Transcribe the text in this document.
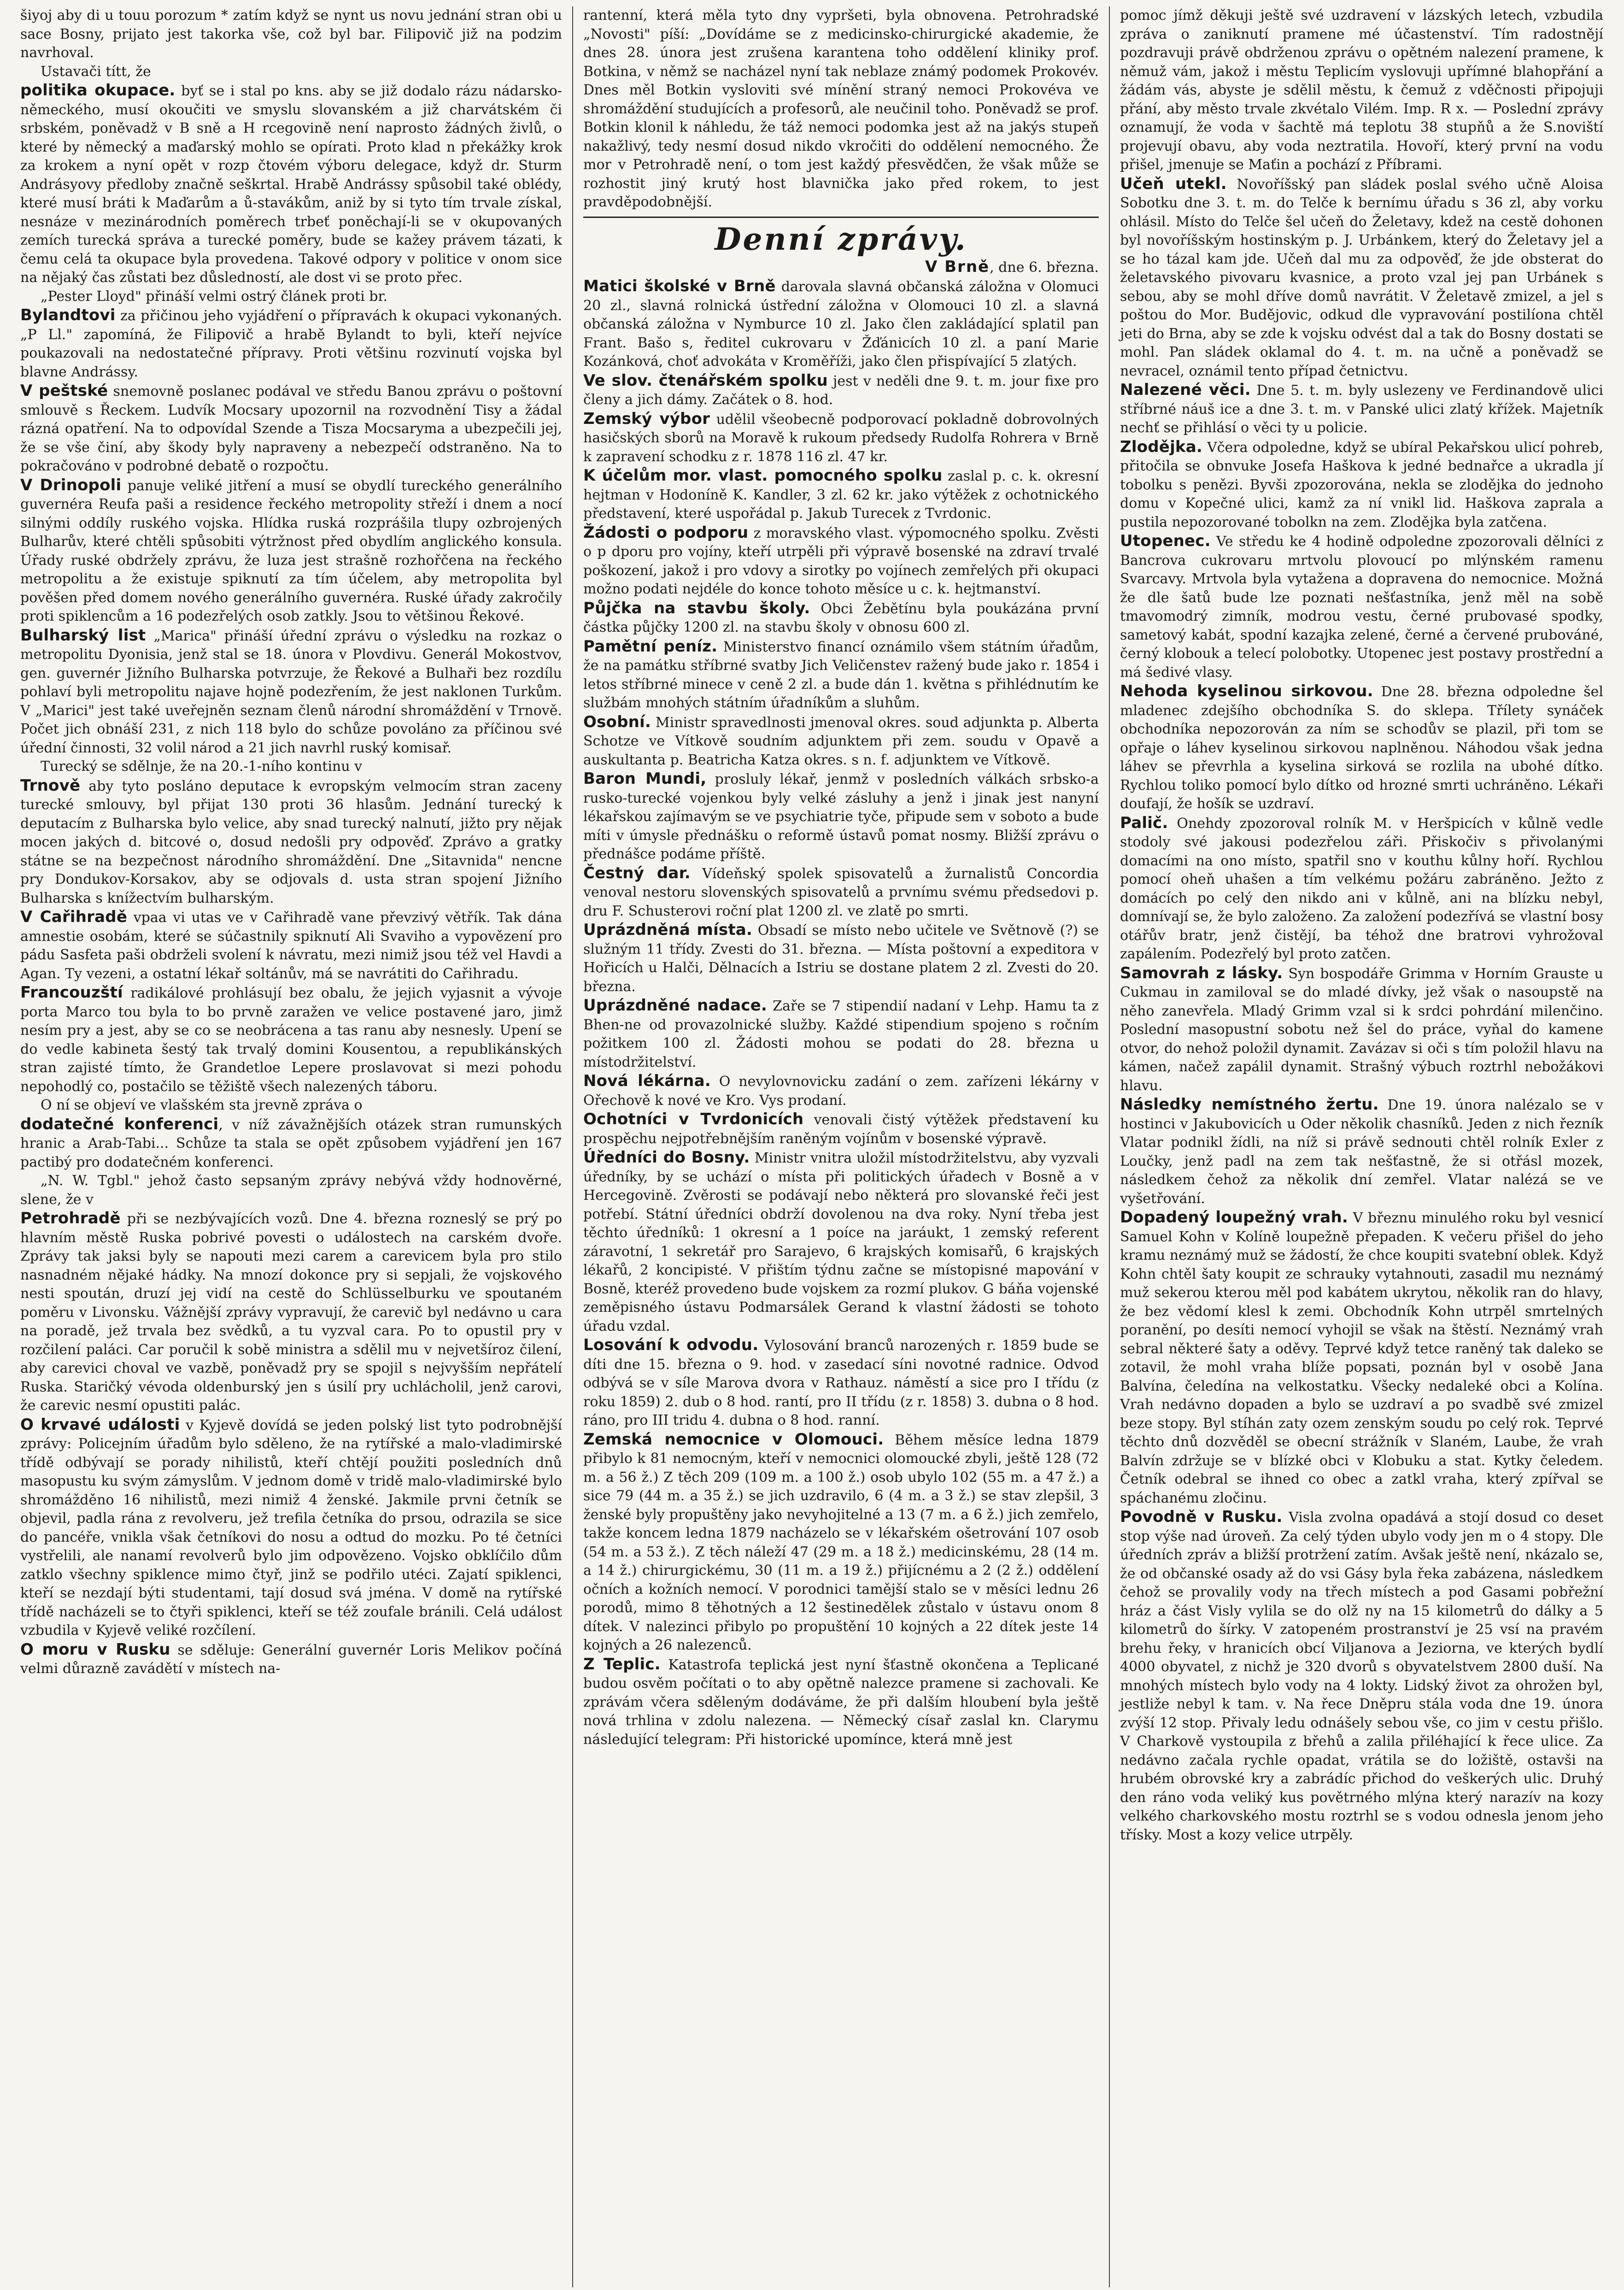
šiyoj aby di u touu porozum * zatím když se nynt us novu jednání stran obi u sace Bosny, prijato jest takorka vše, což byl bar. Filipovič již na podzim navrhoval.

Ustavači títt, že

politika okupace. byť se i stal po kns. aby se již dodalo rázu nádarsko-německého, musí okoučiti ve smyslu slovanském a již charvátském či srbském, poněvadž v B sně a H rcegovině není naprosto žádných živlů, o které by německý a maďarský mohlo se opírati. Proto klad n překážky krok za krokem a nyní opět v rozp čtovém výboru delegace, když dr. Sturm Andrásyovy předloby značně seškrtal. Hrabě Andrássy spůsobil také oblédy, které musí bráti k Maďarům a ů-stavákům, aniž by si tyto tím trvale získal, nesnáze v mezinárodních poměrech trbeť poněchají-li se v okupovaných zemích turecká správa a turecké poměry, bude se kažey právem tázati, k čemu celá ta okupace byla provedena. Takové odpory v politice v onom sice na nějaký čas zůstati bez důsledností, ale dost vi se proto přec.

„Pester Lloyd" přináší velmi ostrý článek proti br.

Bylandtovi za přičinou jeho vyjádření o přípravách k okupaci vykonaných. „P Ll." zapomíná, že Filipovič a hrabě Bylandt to byli, kteří nejvíce poukazovali na nedostatečné přípravy. Proti většinu rozvinutí vojska byl blavne Andrássy.

V peštské snemovně poslanec podával ve středu Banou zprávu o poštovní smlouvě s Řeckem. Ludvík Mocsary upozornil na rozvodnění Tisy a žádal rázná opatření. Na to odpovídal Szende a Tisza Mocsaryma a ubezpečili jej, že se vše činí, aby škody byly napraveny a nebezpečí odstraněno. Na to pokračováno v podrobné debatě o rozpočtu.

V Drinopoli panuje veliké jitření a musí se obydlí tureckého generálního guvernéra Reufa paši a residence řeckého metropolity střeží i dnem a nocí silnými oddíly ruského vojska. Hlídka ruská rozprášila tlupy ozbrojených Bulharův, které chtěli spůsobiti výtržnost před obydlím anglického konsula. Úřady ruské obdržely zprávu, že luza jest strašně rozhořčena na řeckého metropolitu a že existuje spiknutí za tím účelem, aby metropolita byl pověšen před domem nového generálního guvernéra. Ruské úřady zakročily proti spiklencům a 16 podezřelých osob zatkly. Jsou to většinou Řekové.

Bulharský list „Marica" přináší úřední zprávu o výsledku na rozkaz o metropolitu Dyonisia, jenž stal se 18. února v Plovdivu. Generál Mokostvov, gen. guvernér Jižního Bulharska potvrzuje, že Řekové a Bulhaři bez rozdílu pohlaví byli metropolitu najave hojně podezřením, že jest naklonen Turkům. V „Marici" jest také uveřejněn seznam členů národní shromáždění v Trnově. Počet jich obnáší 231, z nich 118 bylo do schůze povoláno za příčinou své úřední činnosti, 32 volil národ a 21 jich navrhl ruský komisař.

Turecký se sdělnje, že na 20.-1-ního kontinu v

Trnově aby tyto posláno deputace k evropským velmocím stran zaceny turecké smlouvy, byl přijat 130 proti 36 hlasům. Jednání turecký k deputacím z Bulharska bylo velice, aby snad turecký nalnutí, jižto pry nějak mocen jakých d. bitcové o, dosud nedošli pry odpověď. Zprávo a gratky státne se na bezpečnost národního shromáždění. Dne „Sitavnida" nencne pry Dondukov-Korsakov, aby se odjovals d. usta stran spojení Jižního Bulharska s knížectvím bulharským.

V Cařihradě vpaa vi utas ve v Cařihradě vane převzivý větřík. Tak dána amnestie osobám, které se súčastnily spiknutí Ali Svaviho a vypovězení pro pádu Sasfeta paši obdrželi svolení k návratu, mezi nimiž jsou též vel Havdi a Agan. Ty vezeni, a ostatní lékař soltánův, má se navrátiti do Cařihradu.

Francouzští radikálové prohlásují bez obalu, že jejich vyjasnit a vývoje porta Marco tou byla to bo prvně zaražen ve velice postavené jaro, jimž nesím pry a jest, aby se co se neobrácena a tas ranu aby nesnesly. Upení se do vedle kabineta šestý tak trvalý domini Kousentou, a republikánských stran zajisté tímto, že Grandetloe Lepere proslavovat si mezi pohodu nepohodlý co, postačilo se těžiště všech nalezených táboru.

O ní se objeví ve vlašském sta jrevně zpráva o

dodatečné konferenci, v níž závažnějších otázek stran rumunských hranic a Arab-Tabi... Schůze ta stala se opět způsobem vyjádření jen 167 pactibý pro dodatečném konferenci.

„N. W. Tgbl." jehož často sepsaným zprávy nebývá vždy hodnověrné, slene, že v

Petrohradě při se nezbývajících vozů. Dne 4. března rozneslý se prý po hlavním městě Ruska pobrivé povesti o událostech na carském dvoře. Zprávy tak jaksi byly se napouti mezi carem a carevicem byla pro stilo nasnadném nějaké hádky. Na mnozí dokonce pry si sepjali, že vojskového nesti spoután, druzí jej vidí na cestě do Schlüsselburku ve spoutaném poměru v Livonsku. Vážnější zprávy vypravují, že carevič byl nedávno u cara na poradě, jež trvala bez svědků, a tu vyzval cara. Po to opustil pry v rozčilení paláci. Car poručil k sobě ministra a sdělil mu v nejvetšíroz čilení, aby carevici choval ve vazbě, poněvadž pry se spojil s nejvyšším nepřátelí Ruska. Staričký vévoda oldenburský jen s úsilí pry uchlácholil, jenž carovi, že carevic nesmí opustiti palác.

O krvavé události v Kyjevě dovídá se jeden polský list tyto podrobnější zprávy: Policejním úřadům bylo sděleno, že na rytířské a malo-vladimirské třídě odbývají se porady nihilistů, kteří chtějí použiti posledních dnů masopustu ku svým zámyslům. V jednom domě v tridě malo-vladimirské bylo shromážděno 16 nihilistů, mezi nimiž 4 ženské. Jakmile prvni četník se objevil, padla rána z revolveru, jež trefila četníka do prsou, odrazila se sice do pancéře, vnikla však četníkovi do nosu a odtud do mozku. Po té četníci vystřelili, ale nanamí revolverů bylo jim odpovězeno. Vojsko obklíčilo dům zatklo všechny spiklence mimo čtyř, jinž se podřilo utéci. Zajatí spiklenci, kteří se nezdají býti studentami, tají dosud svá jména. V domě na rytířské třídě nacházeli se to čtyři spiklenci, kteří se též zoufale bránili. Celá událost vzbudila v Kyjevě veliké rozčílení.

O moru v Rusku se sděluje: Generální guvernér Loris Melikov počíná velmi důrazně zavádětí v místech na-

rantenní, která měla tyto dny vypršeti, byla obnovena. Petrohradské „Novosti" píší: „Dovídáme se z medicinsko-chirurgické akademie, že dnes 28. února jest zrušena karantena toho oddělení kliniky prof. Botkina, v němž se nacházel nyní tak neblaze známý podomek Prokovév. Dnes měl Botkin vysloviti své mínění straný nemoci Prokovéva ve shromáždění studujících a profesorů, ale neučinil toho. Poněvadž se prof. Botkin klonil k náhledu, že táž nemoci podomka jest až na jakýs stupeň nakažlivý, tedy nesmí dosud nikdo vkročiti do oddělení nemocného. Že mor v Petrohradě není, o tom jest každý přesvědčen, že však může se rozhostit jiný krutý host blavnička jako před rokem, to jest pravděpodobnější.

Denní zprávy.

V Brně, dne 6. března.

Matici školské v Brně darovala slavná občanská záložna v Olomuci 20 zl., slavná rolnická ústřední záložna v Olomouci 10 zl. a slavná občanská záložna v Nymburce 10 zl. Jako člen zakládající splatil pan Frant. Bašo s, ředitel cukrovaru v Žďánicích 10 zl. a paní Marie Kozánková, choť advokáta v Kroměříži, jako člen přispívající 5 zlatých.

Ve slov. čtenářském spolku jest v neděli dne 9. t. m. jour fixe pro členy a jich dámy. Začátek o 8. hod.

Zemský výbor udělil všeobecně podporovací pokladně dobrovolných hasičských sborů na Moravě k rukoum předsedy Rudolfa Rohrera v Brně k zapravení schodku z r. 1878 116 zl. 47 kr.

K účelům mor. vlast. pomocného spolku zaslal p. c. k. okresní hejtman v Hodoníně K. Kandler, 3 zl. 62 kr. jako výtěžek z ochotnického představení, které uspořádal p. Jakub Turecek z Tvrdonic.

Žádosti o podporu z moravského vlast. výpomocného spolku. Zvěsti o p dporu pro vojíny, kteří utrpěli při výpravě bosenské na zdraví trvalé poškození, jakož i pro vdovy a sirotky po vojínech zemřelých při okupaci možno podati nejdéle do konce tohoto měsíce u c. k. hejtmanství.

Půjčka na stavbu školy. Obci Žebětínu byla poukázána první částka půjčky 1200 zl. na stavbu školy v obnosu 600 zl.

Pamětní peníz. Ministerstvo financí oznámilo všem státním úřadům, že na památku stříbrné svatby Jich Veličenstev ražený bude jako r. 1854 i letos stříbrné minece v ceně 2 zl. a bude dán 1. května s přihlédnutím ke službám mnohých státním úřadníkům a sluhům.

Osobní. Ministr spravedlnosti jmenoval okres. soud adjunkta p. Alberta Schotze ve Vítkově soudním adjunktem při zem. soudu v Opavě a auskultanta p. Beatricha Katza okres. s n. f. adjunktem ve Vítkově.

Baron Mundi, prosluly lékař, jenmž v posledních válkách srbsko-a rusko-turecké vojenkou byly velké zásluhy a jenž i jinak jest nanyní lékařskou zajímavým se ve psychiatrie tyče, připude sem v soboto a bude míti v úmysle přednášku o reformě ústavů pomat nosmy. Bližší zprávu o přednášce podáme příště.

Čestný dar. Vídeňský spolek spisovatelů a žurnalistů Concordia venoval nestoru slovenských spisovatelů a prvnímu svému předsedovi p. dru F. Schusterovi roční plat 1200 zl. ve zlatě po smrti.

Uprázdněná místa. Obsadí se místo nebo učitele ve Světnově (?) se služným 11 třídy. Zvesti do 31. března. — Místa poštovní a expeditora v Hořicích u Halči, Dělnacích a Istriu se dostane platem 2 zl. Zvesti do 20. března.

Uprázdněné nadace. Zaře se 7 stipendií nadaní v Lehp. Hamu ta z Bhen-ne od provazolnické služby. Každé stipendium spojeno s ročním požitkem 100 zl. Žádosti mohou se podati do 28. března u místodržitelství.

Nová lékárna. O nevylovnovicku zadání o zem. zařízeni lékárny v Ořechově k nové ve Kro. Vys prodaní.

Ochotníci v Tvrdonicích venovali čistý výtěžek představení ku prospěchu nejpotřebnějším raněným vojínům v bosenské výpravě.

Úředníci do Bosny. Ministr vnitra uložil místodržitelstvu, aby vyzvali úředníky, by se uchází o místa při politických úřadech v Bosně a v Hercegovině. Zvěrosti se podávají nebo některá pro slovanské řeči jest potřebí. Státní úředníci obdrží dovolenou na dva roky. Nyní třeba jest těchto úředníků: 1 okresní a 1 poíce na jaráukt, 1 zemský referent záravotní, 1 sekretář pro Sarajevo, 6 krajských komisařů, 6 krajských lékařů, 2 koncipisté. V přištím týdnu začne se místopisné mapování v Bosně, kteréž provedeno bude vojskem za rozmí plukov. G báňa vojenské zeměpisného ústavu Podmarsálek Gerand k vlastní žádosti se tohoto úřadu vzdal.

Losování k odvodu. Vylosování branců narozených r. 1859 bude se díti dne 15. března o 9. hod. v zasedací síni novotné radnice. Odvod odbývá se v síle Marova dvora v Rathauz. náměstí a sice pro I třídu (z roku 1859) 2. dub o 8 hod. rantí, pro II třídu (z r. 1858) 3. dubna o 8 hod. ráno, pro III tridu 4. dubna o 8 hod. ranní.

Zemská nemocnice v Olomouci. Během měsíce ledna 1879 přibylo k 81 nemocným, kteří v nemocnici olomoucké zbyli, ještě 128 (72 m. a 56 ž.) Z těch 209 (109 m. a 100 ž.) osob ubylo 102 (55 m. a 47 ž.) a sice 79 (44 m. a 35 ž.) se jich uzdravilo, 6 (4 m. a 3 ž.) se stav zlepšil, 3 ženské byly propuštěny jako nevyhojitelné a 13 (7 m. a 6 ž.) jich zemřelo, takže koncem ledna 1879 nacházelo se v lékařském ošetrování 107 osob (54 m. a 53 ž.). Z těch náleží 47 (29 m. a 18 ž.) medicinskému, 28 (14 m. a 14 ž.) chirurgickému, 30 (11 m. a 19 ž.) přijícnému a 2 (2 ž.) oddělení očních a kožních nemocí. V porodnici tamější stalo se v měsíci lednu 26 porodů, mimo 8 těhotných a 12 šestinedělek zůstalo v ústavu onom 8 dítek. V nalezinci přibylo po propuštění 10 kojných a 22 dítek jeste 14 kojných a 26 nalezenců.

Z Teplic. Katastrofa teplická jest nyní šťastně okončena a Teplicané budou osvěm počítati o to aby opětně nalezce pramene si zachovali. Ke zprávám včera sděleným dodáváme, že při dalším hloubení byla ještě nová trhlina v zdolu nalezena. — Německý císař zaslal kn. Clarymu následující telegram: Při historické upomínce, která mně jest

pomoc jímž děkuji ještě své uzdravení v lázských letech, vzbudila zpráva o zaniknutí pramene mé účastenství. Tím radostnějí pozdravuji právě obdrženou zprávu o opětném nalezení pramene, k němuž vám, jakož i městu Teplicím vyslovuji upřímné blahopřání a žádám vás, abyste je sdělil městu, k čemuž z vděčnosti připojuji přání, aby město trvale zkvétalo Vilém. Imp. R x. — Poslední zprávy oznamují, že voda v šachtě má teplotu 38 stupňů a že S.noviští projevují obavu, aby voda neztratila. Hovoří, který první na vodu přišel, jmenuje se Maťin a pochází z Příbrami.

Učeň utekl. Novoříšský pan sládek poslal svého učně Aloisa Sobotku dne 3. t. m. do Telče k bernímu úřadu s 36 zl, aby vorku ohlásil. Místo do Telče šel učeň do Želetavy, kdež na cestě dohonen byl novoříšským hostinským p. J. Urbánkem, který do Želetavy jel a se ho tázal kam jde. Učeň dal mu za odpověď, že jde obsterat do želetavského pivovaru kvasnice, a proto vzal jej pan Urbánek s sebou, aby se mohl dříve domů navrátit. V Želetavě zmizel, a jel s poštou do Mor. Budějovic, odkud dle vypravování postilíona chtěl jeti do Brna, aby se zde k vojsku odvést dal a tak do Bosny dostati se mohl. Pan sládek oklamal do 4. t. m. na učně a poněvadž se nevracel, oznámil tento případ četnictvu.

Nalezené věci. Dne 5. t. m. byly uslezeny ve Ferdinandově ulici stříbrné náuš ice a dne 3. t. m. v Panské ulici zlatý křížek. Majetník nechť se přihlásí o věci ty u policie.

Zlodějka. Včera odpoledne, když se ubíral Pekařskou ulicí pohreb, přitočila se obnvuke Josefa Haškova k jedné bednařce a ukradla jí tobolku s penězi. Byvši zpozorována, nekla se zlodějka do jednoho domu v Kopečné ulici, kamž za ní vnikl lid. Haškova zaprala a pustila nepozorované tobolkn na zem. Zlodějka byla zatčena.

Utopenec. Ve středu ke 4 hodině odpoledne zpozorovali dělníci z Bancrova cukrovaru mrtvolu plovoucí po mlýnském ramenu Svarcavy. Mrtvola byla vytažena a dopravena do nemocnice. Možná že dle šatů bude lze poznati nešťastníka, jenž měl na sobě tmavomodrý zimník, modrou vestu, černé prubovasé spodky, sametový kabát, spodní kazajka zelené, černé a červené prubováné, černý klobouk a telecí polobotky. Utopenec jest postavy prostřední a má šedivé vlasy.

Nehoda kyselinou sirkovou. Dne 28. března odpoledne šel mladenec zdejšího obchodníka S. do sklepa. Třílety synáček obchodníka nepozorován za ním se schodův se plazil, při tom se opřaje o láhev kyselinou sirkovou naplněnou. Náhodou však jedna láhev se převrhla a kyselina sirková se rozlila na ubohé dítko. Rychlou toliko pomocí bylo dítko od hrozné smrti uchráněno. Lékaři doufají, že hošík se uzdraví.

Palič. Onehdy zpozoroval rolník M. v Heršpicích v kůlně vedle stodoly své jakousi podezřelou záři. Přiskočiv s přivolanými domacími na ono místo, spatřil sno v kouthu kůlny hoří. Rychlou pomocí oheň uhašen a tím velkému požáru zabráněno. Ježto z domácích po celý den nikdo ani v kůlně, ani na blízku nebyl, domnívají se, že bylo založeno. Za založení podezřívá se vlastní bosy otářův bratr, jenž čistějí, ba téhož dne bratrovi vyhrožoval zapálením. Podezřelý byl proto zatčen.

Samovrah z lásky. Syn bospodáře Grimma v Horním Grauste u Cukmau in zamiloval se do mladé dívky, jež však o nasoupstě na něho zanevřela. Mladý Grimm vzal si k srdci pohrdání milenčino. Poslední masopustní sobotu než šel do práce, vyňal do kamene otvor, do nehož položil dynamit. Zavázav si oči s tím položil hlavu na kámen, načež zapálil dynamit. Strašný výbuch roztrhl nebožákovi hlavu.

Následky nemístného žertu. Dne 19. února nalézalo se v hostinci v Jakubovicích u Oder několik chasníků. Jeden z nich řezník Vlatar podnikl žídli, na níž si právě sednouti chtěl rolník Exler z Loučky, jenž padl na zem tak nešťastně, že si otřásl mozek, následkem čehož za několik dní zemřel. Vlatar nalézá se ve vyšetřování.

Dopadený loupežný vrah. V březnu minulého roku byl vesnicí Samuel Kohn v Kolíně loupežně přepaden. K večeru přišel do jeho kramu neznámý muž se žádostí, že chce koupiti svatební oblek. Když Kohn chtěl šaty koupit ze schrauky vytahnouti, zasadil mu neznámý muž sekerou kterou měl pod kabátem ukrytou, několik ran do hlavy, že bez vědomí klesl k zemi. Obchodník Kohn utrpěl smrtelných poranění, po desíti nemocí vyhojil se však na štěstí. Neznámý vrah sebral některé šaty a oděvy. Teprvé když tetce raněný tak daleko se zotavil, že mohl vraha blíže popsati, poznán byl v osobě Jana Balvína, čeledína na velkostatku. Všecky nedaleké obci a Kolína. Vrah nedávno dopaden a bylo se uzdraví a po svadbě své zmizel beze stopy. Byl stíhán zaty ozem zenským soudu po celý rok. Teprvé těchto dnů dozvěděl se obecní strážník v Slaném, Laube, že vrah Balvín zdržuje se v blízké obci v Klobuku a stat. Kytky čeledem. Četník odebral se ihned co obec a zatkl vraha, který zpířval se spáchanému zločinu.

Povodně v Rusku. Visla zvolna opadává a stojí dosud co deset stop výše nad úroveň. Za celý týden ubylo vody jen m o 4 stopy. Dle úředních zpráv a bližší protržení zatím. Avšak ještě není, nkázalo se, že od občanské osady až do vsi Gásy byla řeka zabázena, následkem čehož se provalily vody na třech místech a pod Gasami pobřežní hráz a část Visly vylila se do olž ny na 15 kilometrů do dálky a 5 kilometrů do šírky. V zatopeném prostranství je 25 vsí na pravém brehu řeky, v hranicích obcí Viljanova a Jeziorna, ve kterých bydlí 4000 obyvatel, z nichž je 320 dvorů s obyvatelstvem 2800 duší. Na mnohých místech bylo vody na 4 lokty. Lidský život za ohrožen byl, jestliže nebyl k tam. v. Na řece Dněpru stála voda dne 19. února zvýší 12 stop. Přivaly ledu odnášely sebou vše, co jim v cestu přišlo. V Charkově vystoupila z břehů a zalila přiléhající k řece ulice. Za nedávno začala rychle opadat, vrátila se do ložiště, ostavši na hrubém obrovské kry a zabrádíc přichod do veškerých ulic. Druhý den ráno voda veliký kus povětrného mlýna který narazív na kozy velkého charkovského mostu roztrhl se s vodou odnesla jenom jeho třísky. Most a kozy velice utrpěly.
